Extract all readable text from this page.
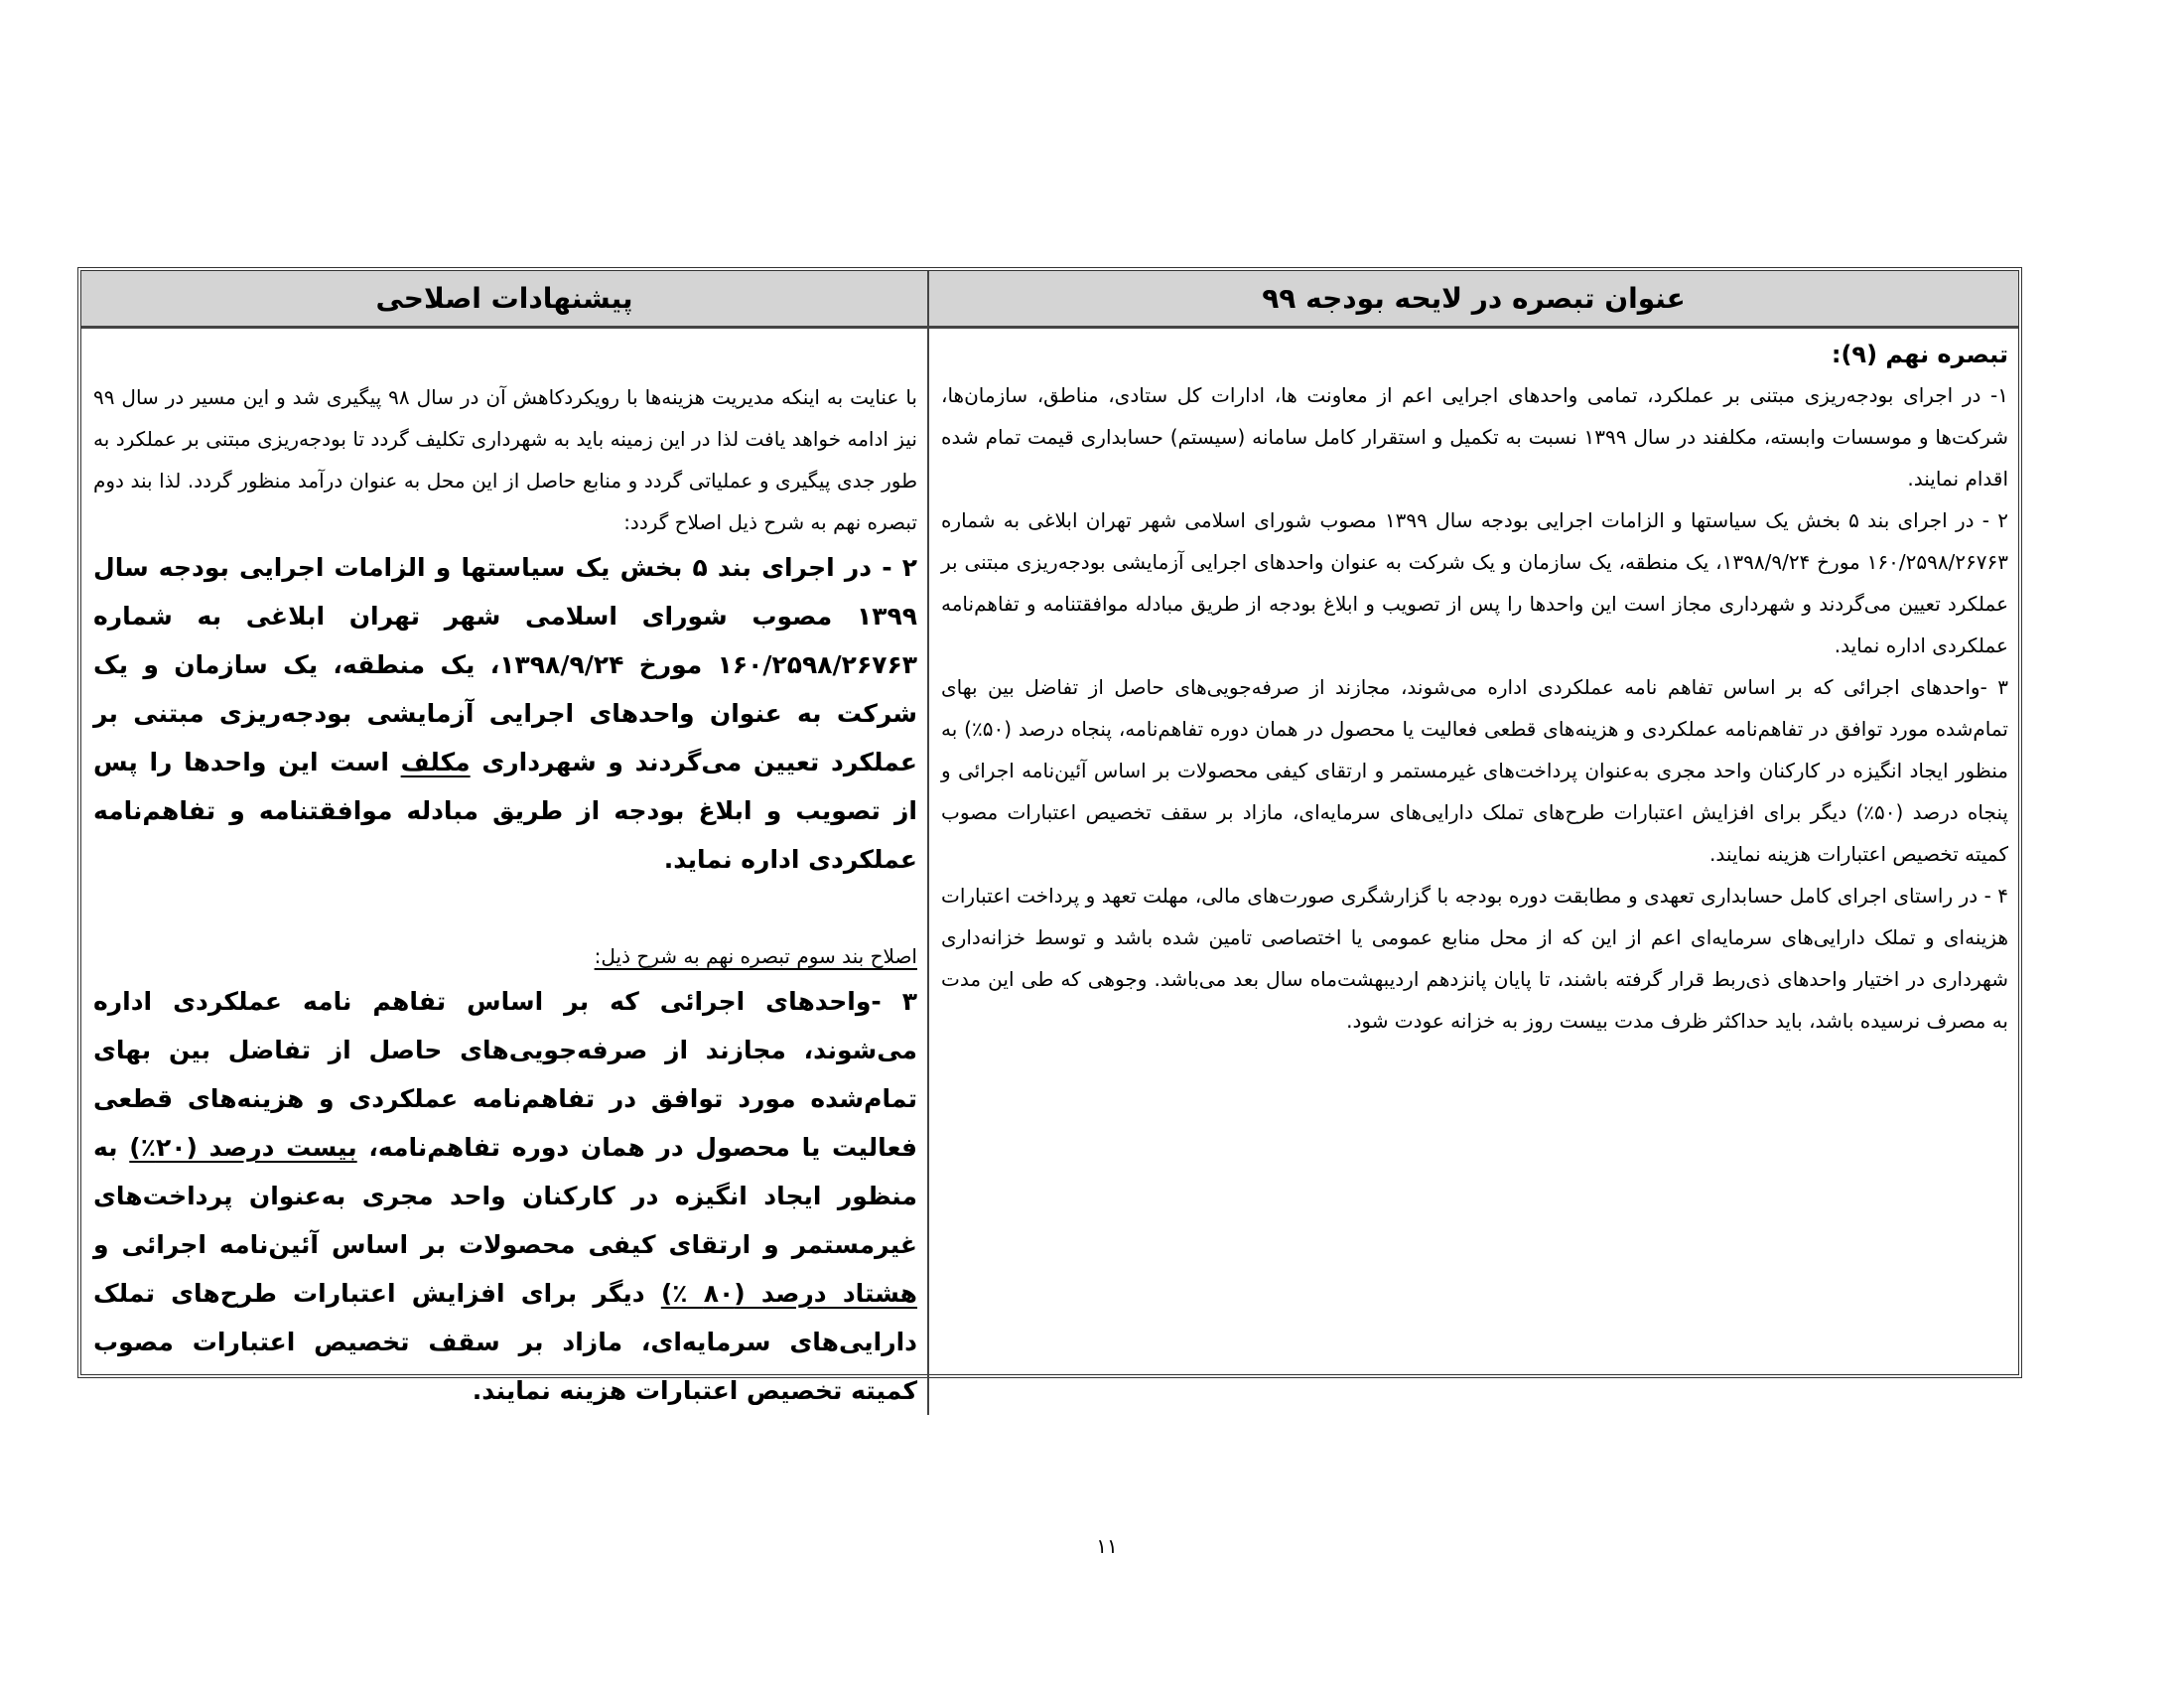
عنوان تبصره در لایحه بودجه ۹۹
پیشنهادات اصلاحی

تبصره نهم (۹):

۱- در اجرای بودجه‌ریزی مبتنی بر عملکرد، تمامی واحدهای اجرایی اعم از معاونت ها، ادارات کل ستادی، مناطق، سازمان‌ها، شرکت‌ها و موسسات وابسته، مکلفند در سال ۱۳۹۹ نسبت به تکمیل و استقرار کامل سامانه (سیستم) حسابداری قیمت تمام شده اقدام نمایند.

۲ - در اجرای بند ۵ بخش یک سیاستها و الزامات اجرایی بودجه سال ۱۳۹۹ مصوب شورای اسلامی شهر تهران ابلاغی به شماره ۱۶۰/۲۵۹۸/۲۶۷۶۳ مورخ ۱۳۹۸/۹/۲۴، یک منطقه، یک سازمان و یک شرکت به عنوان واحدهای اجرایی آزمایشی بودجه‌ریزی مبتنی بر عملکرد تعیین می‌گردند و شهرداری مجاز است این واحدها را پس از تصویب و ابلاغ بودجه از طریق مبادله موافقتنامه و تفاهم‌نامه عملکردی اداره نماید.

۳ -واحدهای اجرائی که بر اساس تفاهم نامه عملکردی اداره می‌شوند، مجازند از صرفه‌جویی‌های حاصل از تفاضل بین بهای تمام‌شده مورد توافق در تفاهم‌نامه عملکردی و هزینه‌های قطعی فعالیت یا محصول در همان دوره تفاهم‌نامه، پنجاه درصد (۵۰٪) به منظور ایجاد انگیزه در کارکنان واحد مجری به‌عنوان پرداخت‌های غیرمستمر و ارتقای کیفی محصولات بر اساس آئین‌نامه اجرائی و پنجاه درصد (۵۰٪) دیگر برای افزایش اعتبارات طرح‌های تملک دارایی‌های سرمایه‌ای، مازاد بر سقف تخصیص اعتبارات مصوب کمیته تخصیص اعتبارات هزینه نمایند.

۴ - در راستای اجرای کامل حسابداری تعهدی و مطابقت دوره بودجه با گزارشگری صورت‌های مالی، مهلت تعهد و پرداخت اعتبارات هزینه‌ای و تملک دارایی‌های سرمایه‌ای اعم از این که از محل منابع عمومی یا اختصاصی تامین شده باشد و توسط خزانه‌داری شهرداری در اختیار واحدهای ذی‌ربط قرار گرفته باشند، تا پایان پانزدهم اردیبهشت‌ماه سال بعد می‌باشد. وجوهی که طی این مدت به مصرف نرسیده باشد، باید حداکثر ظرف مدت بیست روز به خزانه عودت شود.

با عنایت به اینکه مدیریت هزینه‌ها با رویکردکاهش آن در سال ۹۸ پیگیری شد و این مسیر در سال ۹۹ نیز ادامه خواهد یافت لذا در این زمینه باید به شهرداری تکلیف گردد تا بودجه‌ریزی مبتنی بر عملکرد به طور جدی پیگیری و عملیاتی گردد و منابع حاصل از این محل به عنوان درآمد منظور گردد. لذا بند دوم تبصره نهم به شرح ذیل اصلاح گردد:

۲ - در اجرای بند ۵ بخش یک سیاستها و الزامات اجرایی بودجه سال ۱۳۹۹ مصوب شورای اسلامی شهر تهران ابلاغی به شماره ۱۶۰/۲۵۹۸/۲۶۷۶۳ مورخ ۱۳۹۸/۹/۲۴، یک منطقه، یک سازمان و یک شرکت به عنوان واحدهای اجرایی آزمایشی بودجه‌ریزی مبتنی بر عملکرد تعیین می‌گردند و شهرداری مکلف است این واحدها را پس از تصویب و ابلاغ بودجه از طریق مبادله موافقتنامه و تفاهم‌نامه عملکردی اداره نماید.

اصلاح بند سوم تبصره نهم به شرح ذیل:

۳ -واحدهای اجرائی که بر اساس تفاهم نامه عملکردی اداره می‌شوند، مجازند از صرفه‌جویی‌های حاصل از تفاضل بین بهای تمام‌شده مورد توافق در تفاهم‌نامه عملکردی و هزینه‌های قطعی فعالیت یا محصول در همان دوره تفاهم‌نامه، بیست درصد (۲۰٪) به منظور ایجاد انگیزه در کارکنان واحد مجری به‌عنوان پرداخت‌های غیرمستمر و ارتقای کیفی محصولات بر اساس آئین‌نامه اجرائی و هشتاد درصد (۸۰ ٪) دیگر برای افزایش اعتبارات طرح‌های تملک دارایی‌های سرمایه‌ای، مازاد بر سقف تخصیص اعتبارات مصوب کمیته تخصیص اعتبارات هزینه نمایند.

۱۱
